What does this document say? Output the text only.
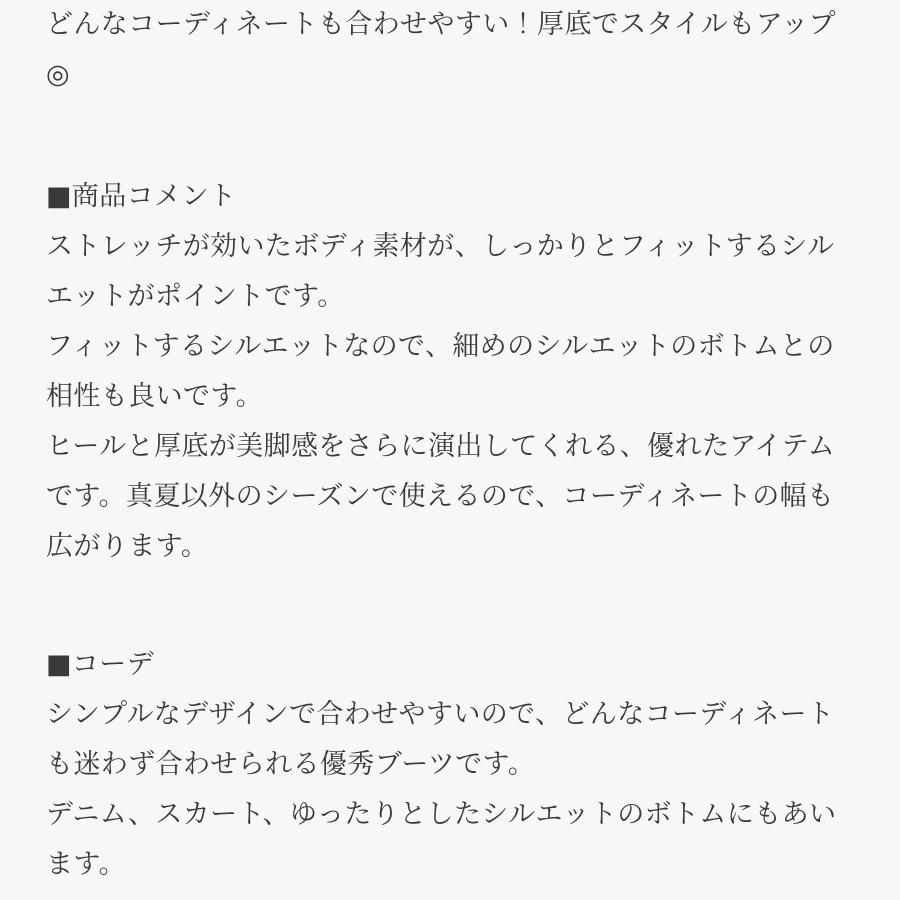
どんなコーディネートも合わせやすい！厚底でスタイルもアップ◎

■商品コメント

ストレッチが効いたボディ素材が、しっかりとフィットするシルエットがポイントです。

フィットするシルエットなので、細めのシルエットのボトムとの相性も良いです。

ヒールと厚底が美脚感をさらに演出してくれる、優れたアイテムです。真夏以外のシーズンで使えるので、コーディネートの幅も広がります。

■コーデ

シンプルなデザインで合わせやすいので、どんなコーディネートも迷わず合わせられる優秀ブーツです。

デニム、スカート、ゆったりとしたシルエットのボトムにもあいます。
